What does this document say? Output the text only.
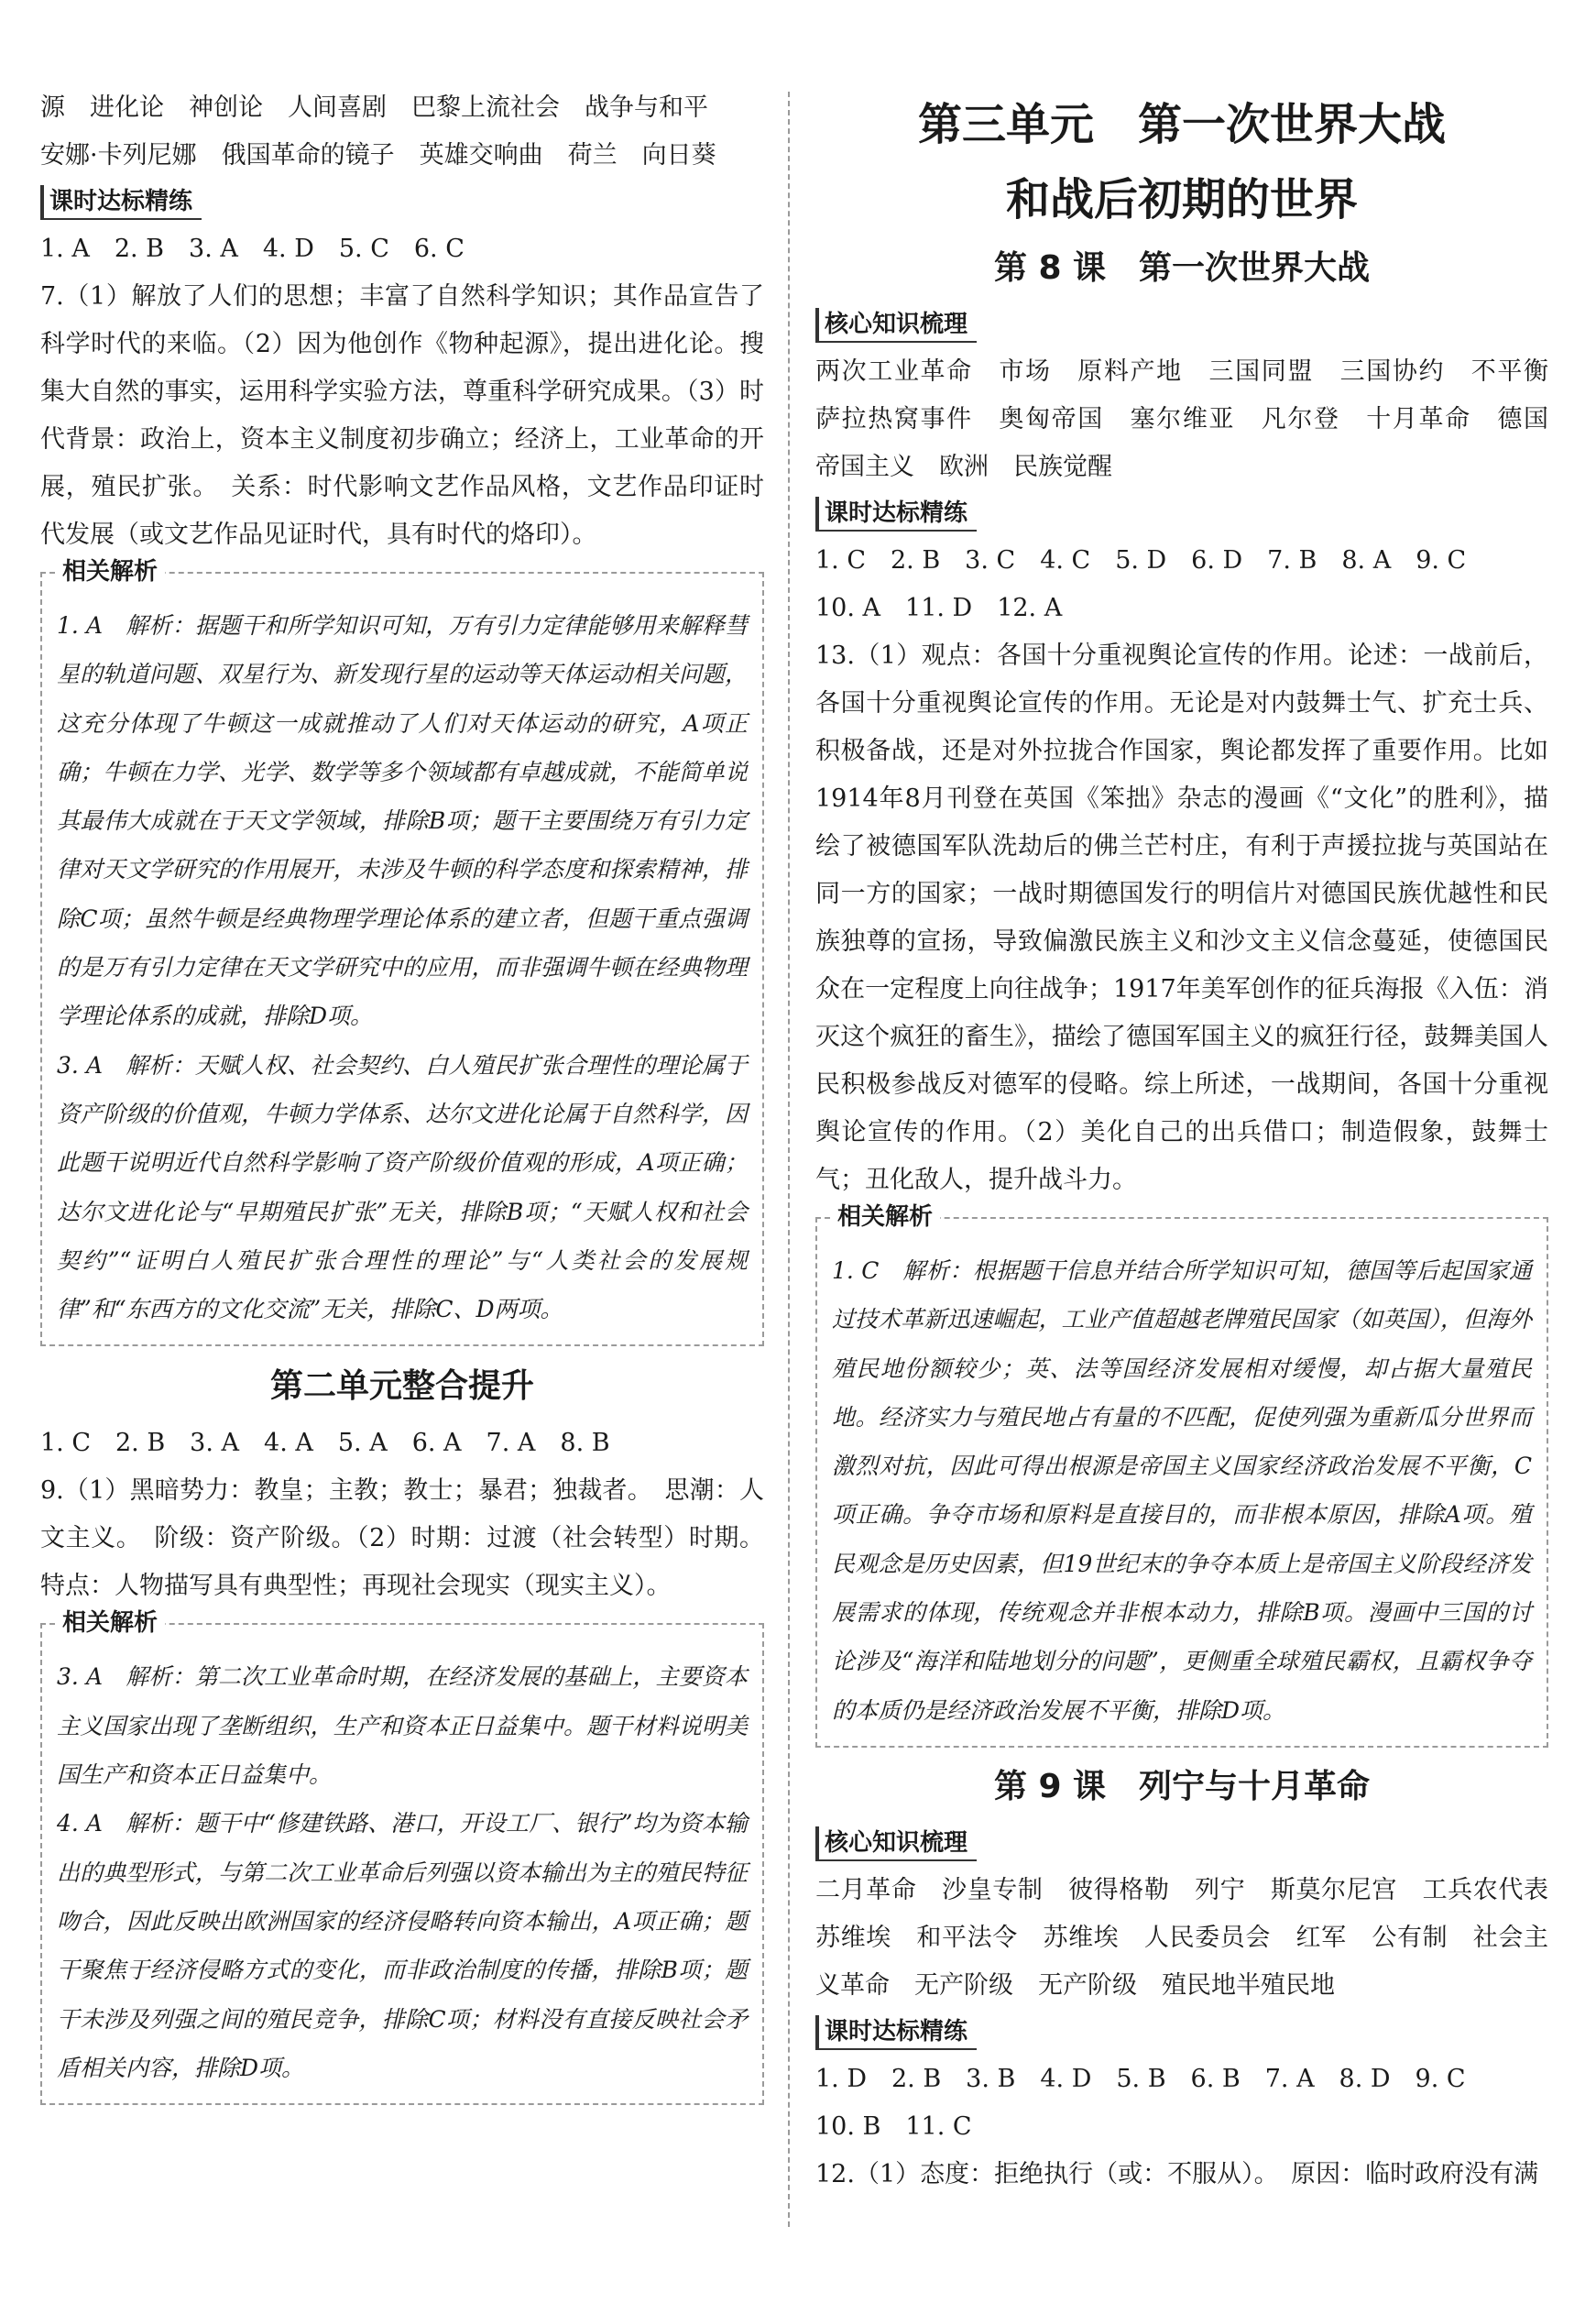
源　进化论　神创论　人间喜剧　巴黎上流社会　战争与和平

安娜·卡列尼娜　俄国革命的镜子　英雄交响曲　荷兰　向日葵

课时达标精练

1. A　2. B　3. A　4. D　5. C　6. C

7.（1）解放了人们的思想；丰富了自然科学知识；其作品宣告了科学时代的来临。（2）因为他创作《物种起源》，提出进化论。搜集大自然的事实，运用科学实验方法，尊重科学研究成果。（3）时代背景：政治上，资本主义制度初步确立；经济上，工业革命的开展，殖民扩张。　关系：时代影响文艺作品风格，文艺作品印证时代发展（或文艺作品见证时代，具有时代的烙印）。

相关解析

1. A　解析：据题干和所学知识可知，万有引力定律能够用来解释彗星的轨道问题、双星行为、新发现行星的运动等天体运动相关问题，这充分体现了牛顿这一成就推动了人们对天体运动的研究，A项正确；牛顿在力学、光学、数学等多个领域都有卓越成就，不能简单说其最伟大成就在于天文学领域，排除B项；题干主要围绕万有引力定律对天文学研究的作用展开，未涉及牛顿的科学态度和探索精神，排除C项；虽然牛顿是经典物理学理论体系的建立者，但题干重点强调的是万有引力定律在天文学研究中的应用，而非强调牛顿在经典物理学理论体系的成就，排除D项。

3. A　解析：天赋人权、社会契约、白人殖民扩张合理性的理论属于资产阶级的价值观，牛顿力学体系、达尔文进化论属于自然科学，因此题干说明近代自然科学影响了资产阶级价值观的形成，A项正确；达尔文进化论与“早期殖民扩张”无关，排除B项；“天赋人权和社会契约”“证明白人殖民扩张合理性的理论”与“人类社会的发展规律”和“东西方的文化交流”无关，排除C、D两项。

第二单元整合提升

1. C　2. B　3. A　4. A　5. A　6. A　7. A　8. B

9.（1）黑暗势力：教皇；主教；教士；暴君；独裁者。　思潮：人文主义。　阶级：资产阶级。（2）时期：过渡（社会转型）时期。特点：人物描写具有典型性；再现社会现实（现实主义）。

相关解析

3. A　解析：第二次工业革命时期，在经济发展的基础上，主要资本主义国家出现了垄断组织，生产和资本正日益集中。题干材料说明美国生产和资本正日益集中。

4. A　解析：题干中“修建铁路、港口，开设工厂、银行”均为资本输出的典型形式，与第二次工业革命后列强以资本输出为主的殖民特征吻合，因此反映出欧洲国家的经济侵略转向资本输出，A项正确；题干聚焦于经济侵略方式的变化，而非政治制度的传播，排除B项；题干未涉及列强之间的殖民竞争，排除C项；材料没有直接反映社会矛盾相关内容，排除D项。

第三单元　第一次世界大战
和战后初期的世界
第 8 课　第一次世界大战
核心知识梳理

两次工业革命　市场　原料产地　三国同盟　三国协约　不平衡　萨拉热窝事件　奥匈帝国　塞尔维亚　凡尔登　十月革命　德国　帝国主义　欧洲　民族觉醒

课时达标精练

1. C　2. B　3. C　4. C　5. D　6. D　7. B　8. A　9. C

10. A　11. D　12. A

13.（1）观点：各国十分重视舆论宣传的作用。论述：一战前后，各国十分重视舆论宣传的作用。无论是对内鼓舞士气、扩充士兵、积极备战，还是对外拉拢合作国家，舆论都发挥了重要作用。比如1914年8月刊登在英国《笨拙》杂志的漫画《“文化”的胜利》，描绘了被德国军队洗劫后的佛兰芒村庄，有利于声援拉拢与英国站在同一方的国家；一战时期德国发行的明信片对德国民族优越性和民族独尊的宣扬，导致偏激民族主义和沙文主义信念蔓延，使德国民众在一定程度上向往战争；1917年美军创作的征兵海报《入伍：消灭这个疯狂的畜生》，描绘了德国军国主义的疯狂行径，鼓舞美国人民积极参战反对德军的侵略。综上所述，一战期间，各国十分重视舆论宣传的作用。（2）美化自己的出兵借口；制造假象，鼓舞士气；丑化敌人，提升战斗力。

相关解析

1. C　解析：根据题干信息并结合所学知识可知，德国等后起国家通过技术革新迅速崛起，工业产值超越老牌殖民国家（如英国），但海外殖民地份额较少；英、法等国经济发展相对缓慢，却占据大量殖民地。经济实力与殖民地占有量的不匹配，促使列强为重新瓜分世界而激烈对抗，因此可得出根源是帝国主义国家经济政治发展不平衡，C项正确。争夺市场和原料是直接目的，而非根本原因，排除A项。殖民观念是历史因素，但19世纪末的争夺本质上是帝国主义阶段经济发展需求的体现，传统观念并非根本动力，排除B项。漫画中三国的讨论涉及“海洋和陆地划分的问题”，更侧重全球殖民霸权，且霸权争夺的本质仍是经济政治发展不平衡，排除D项。

第 9 课　列宁与十月革命
核心知识梳理

二月革命　沙皇专制　彼得格勒　列宁　斯莫尔尼宫　工兵农代表苏维埃　和平法令　苏维埃　人民委员会　红军　公有制　社会主义革命　无产阶级　无产阶级　殖民地半殖民地

课时达标精练

1. D　2. B　3. B　4. D　5. B　6. B　7. A　8. D　9. C

10. B　11. C

12.（1）态度：拒绝执行（或：不服从）。　原因：临时政府没有满
